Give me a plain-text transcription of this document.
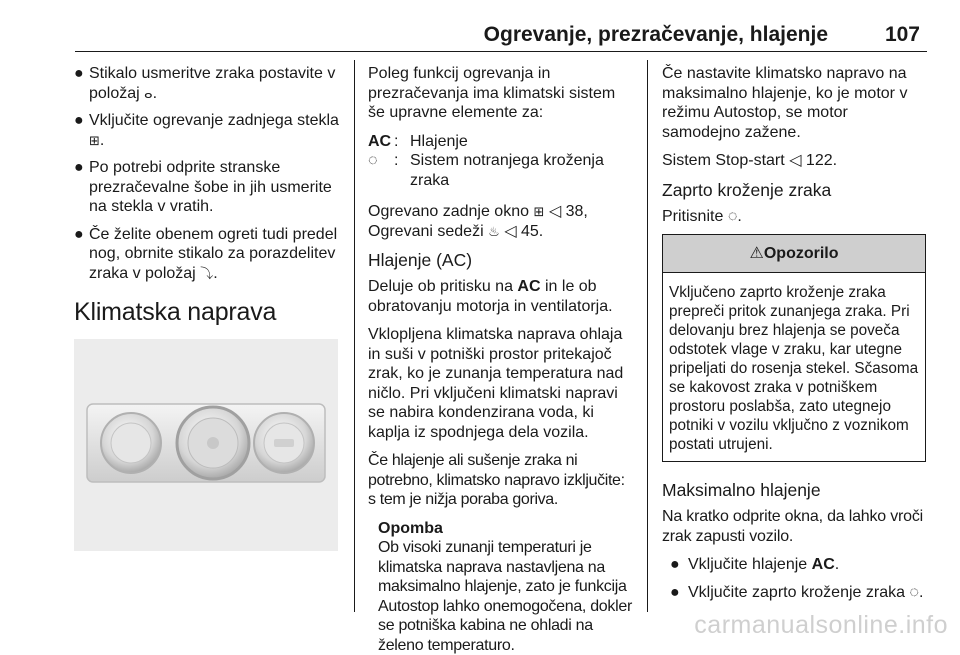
Ogrevanje, prezračevanje, hlajenje	107
● Stikalo usmeritve zraka postavite v položaj ⴰ.
● Vključite ogrevanje zadnjega stekla ⊞.
● Po potrebi odprite stranske prezračevalne šobe in jih usmerite na stekla v vratih.
● Če želite obenem ogreti tudi predel nog, obrnite stikalo za porazdelitev zraka v položaj ⤵.
Klimatska naprava

Poleg funkcij ogrevanja in prezračevanja ima klimatski sistem še upravne elemente za:

AC : Hlajenje
◌	: Sistem notranjega kroženja zraka

Ogrevano zadnje okno ⊞ ◁ 38,
Ogrevani sedeži ♨ ◁ 45.

Hlajenje (AC)

Deluje ob pritisku na AC in le ob obratovanju motorja in ventilatorja.

Vklopljena klimatska naprava ohlaja in suši v potniški prostor pritekajoč zrak, ko je zunanja temperatura nad ničlo. Pri vključeni klimatski napravi se nabira kondenzirana voda, ki kaplja iz spodnjega dela vozila.

Če hlajenje ali sušenje zraka ni potrebno, klimatsko napravo izključite: s tem je nižja poraba goriva.

Opomba
Ob visoki zunanji temperaturi je klimatska naprava nastavljena na maksimalno hlajenje, zato je funkcija Autostop lahko onemogočena, dokler se potniška kabina ne ohladi na želeno temperaturo.

Če nastavite klimatsko napravo na maksimalno hlajenje, ko je motor v režimu Autostop, se motor samodejno zažene.

Sistem Stop-start ◁ 122.

Zaprto kroženje zraka

Pritisnite ◌.

⚠Opozorilo
Vključeno zaprto kroženje zraka prepreči pritok zunanjega zraka. Pri delovanju brez hlajenja se poveča odstotek vlage v zraku, kar utegne pripeljati do rosenja stekel. Sčasoma se kakovost zraka v potniškem prostoru poslabša, zato utegnejo potniki v vozilu vključno z voznikom postati utrujeni.
Maksimalno hlajenje

Na kratko odprite okna, da lahko vroči zrak zapusti vozilo.

● Vključite hlajenje AC.
● Vključite zaprto kroženje zraka ◌.
carmanualsonline.info
